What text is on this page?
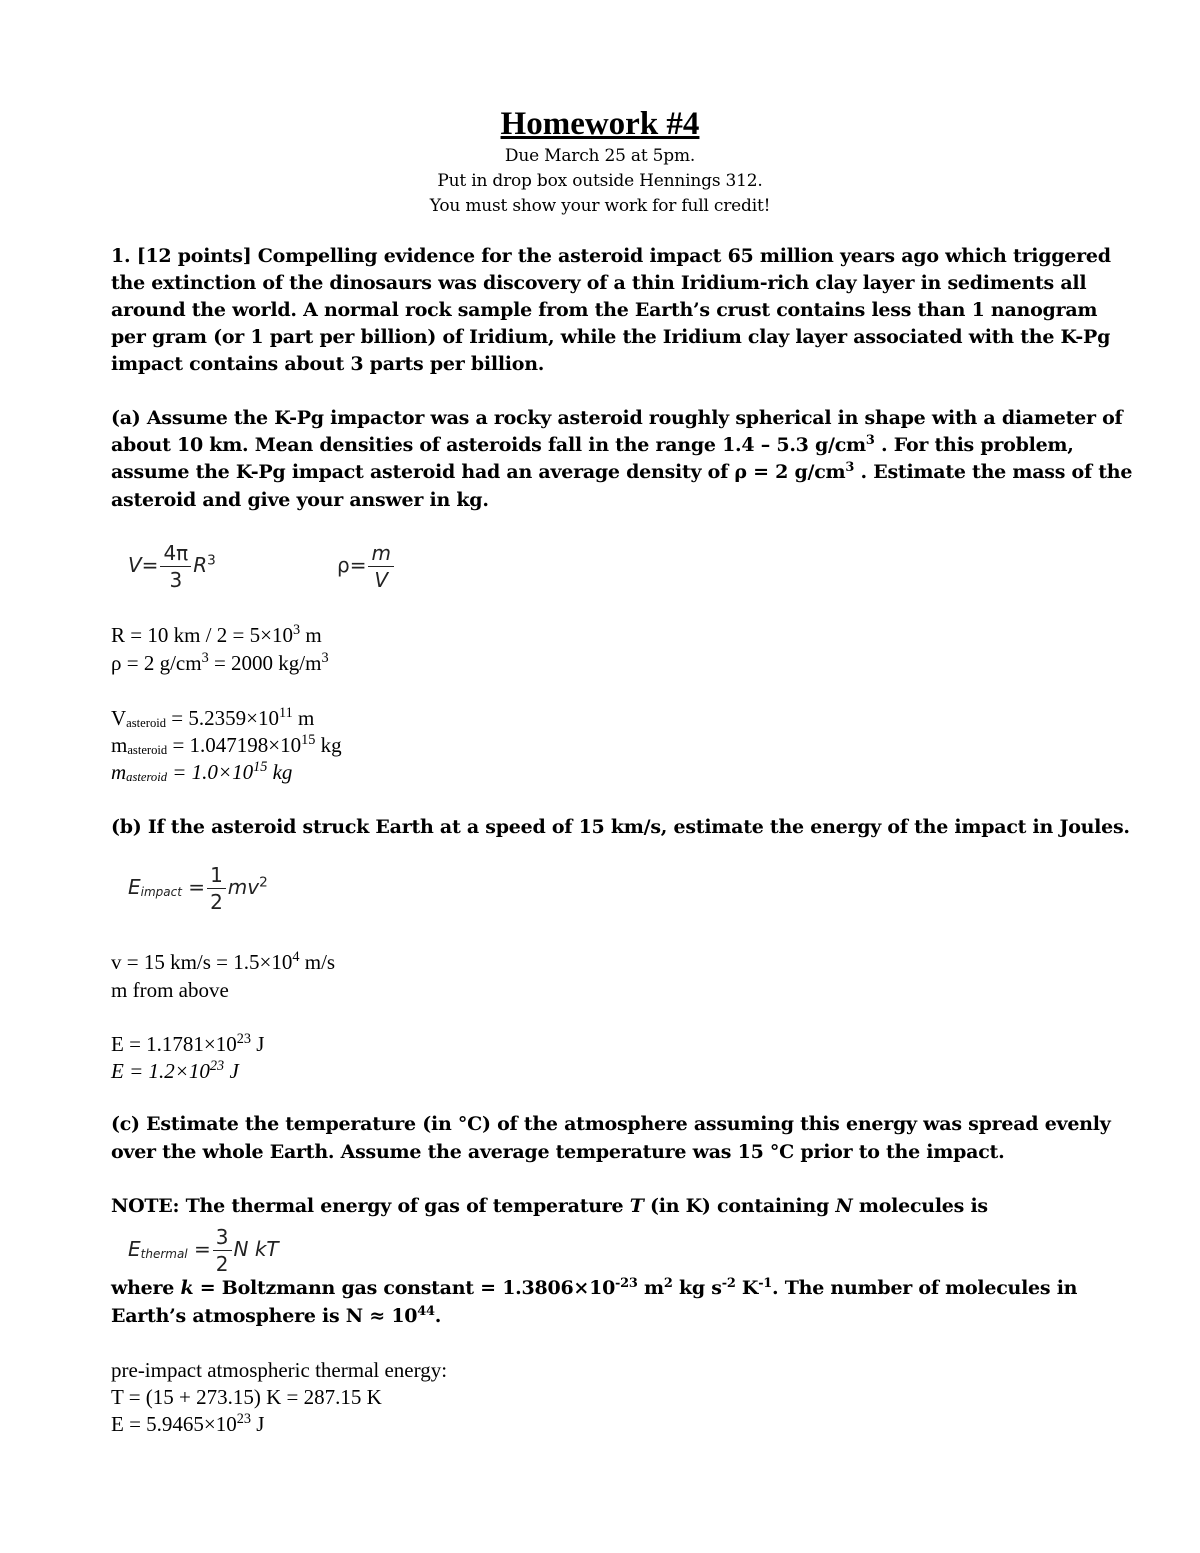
Homework #4
Due March 25 at 5pm.
Put in drop box outside Hennings 312.
You must show your work for full credit!
1. [12 points] Compelling evidence for the asteroid impact 65 million years ago which triggered
the extinction of the dinosaurs was discovery of a thin Iridium-rich clay layer in sediments all
around the world. A normal rock sample from the Earth’s crust contains less than 1 nanogram
per gram (or 1 part per billion) of Iridium, while the Iridium clay layer associated with the K-Pg
impact contains about 3 parts per billion.
(a) Assume the K-Pg impactor was a rocky asteroid roughly spherical in shape with a diameter of
about 10 km. Mean densities of asteroids fall in the range 1.4 – 5.3 $g/cm^3$ . For this problem,
assume the K-Pg impact asteroid had an average density of ρ = 2 $g/cm^3$ . Estimate the mass of the
asteroid and give your answer in kg.
$V= \frac{4\pi}{3} R^3$	$\rho= \frac{m}{V}$
R = 10 km / $2 = 5\times 10^3$ m
ρ = 2 $g/cm^3 = 2000$ $kg/m^3$
$V_{asteroid} = 5.2359\times 10^{11}$ m
$m_{asteroid} = 1.047198\times 10^{15}$ kg
$m_{asteroid} = 1.0\times 10^{15}$ kg
(b) If the asteroid struck Earth at a speed of 15 km/s, estimate the energy of the impact in Joules.
$E_{impact} = \frac{1}{2} mv^2$
v = 15 $km/s = 1.5\times 10^4$ m/s
m from above
$E = 1.1781\times 10^{23}$ J
$E = 1.2\times 10^{23}$ J
(c) Estimate the temperature (in °C) of the atmosphere assuming this energy was spread evenly
over the whole Earth. Assume the average temperature was 15 °C prior to the impact.
NOTE: The thermal energy of gas of temperature T (in K) containing N molecules is
$E_{thermal} = \frac{3}{2}$ N kT
where k = Boltzmann gas constant = $1.3806\times 10^{-23}$ $m^2$ kg $s^{-2}$ $K^{-1}$. The number of molecules in
Earth’s atmosphere is $N \approx 10^{44}$.
pre-impact atmospheric thermal energy:
T = (15 + 273.15) K = 287.15 K
$E = 5.9465\times 10^{23}$ J
